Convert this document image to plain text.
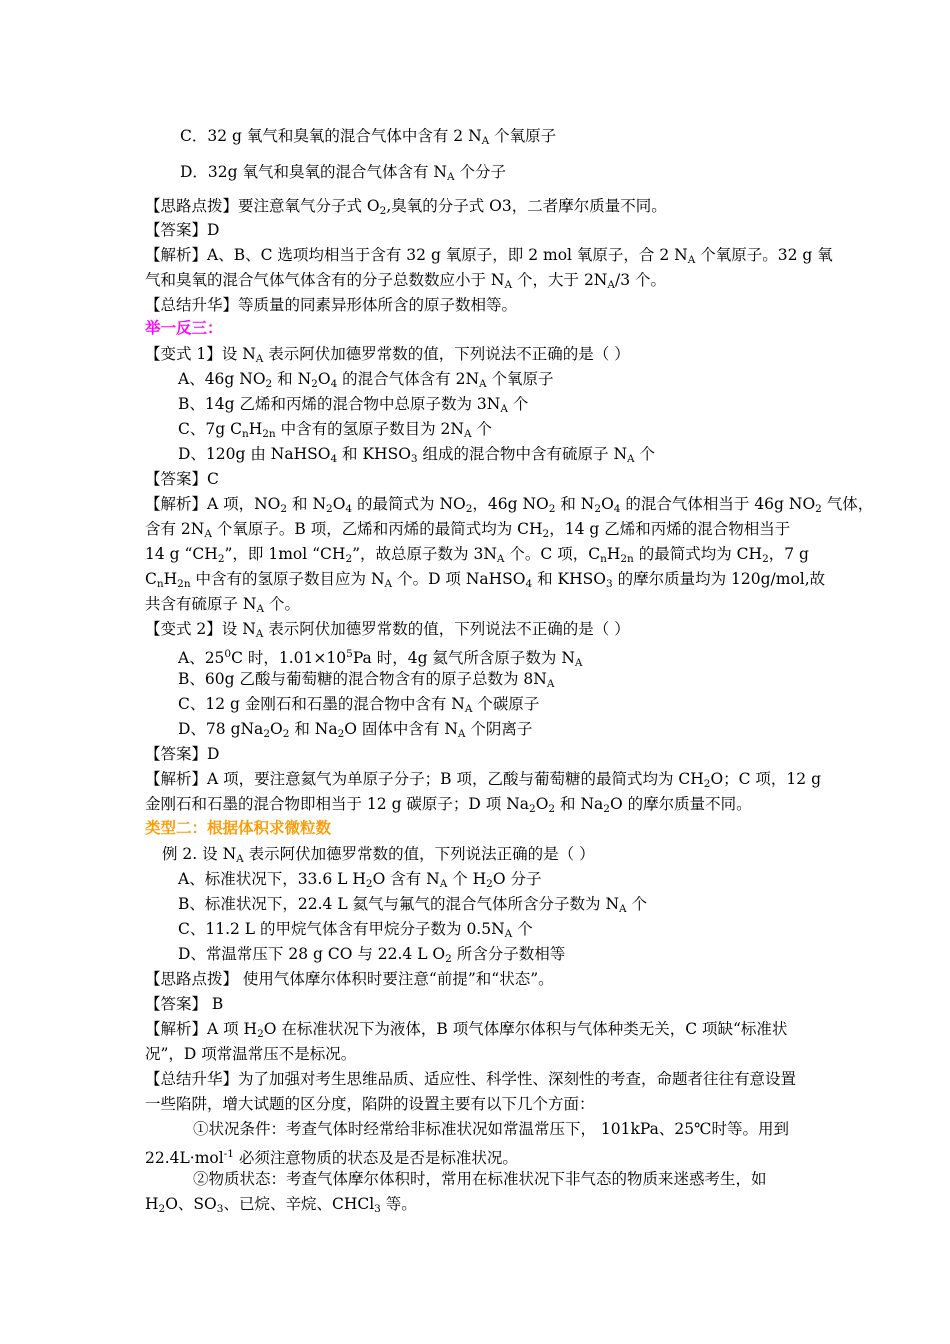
C．32 g 氧气和臭氧的混合气体中含有 2 $N_A$ 个氧原子
D．32g 氧气和臭氧的混合气体含有 $N_A$ 个分子
【思路点拨】要注意氧气分子式 $O_2$,臭氧的分子式 O3，二者摩尔质量不同。
【答案】D
【解析】A、B、C 选项均相当于含有 32 g 氧原子，即 2 mol 氧原子，合 2 $N_A$ 个氧原子。32 g 氧
气和臭氧的混合气体气体含有的分子总数数应小于 $N_A$ 个，大于 $2N_A/3$ 个。
【总结升华】等质量的同素异形体所含的原子数相等。
举一反三：
【变式 1】设 $N_A$ 表示阿伏加德罗常数的值，下列说法不正确的是（ ）
A、46g $NO_2$ 和 $N_2O_4$ 的混合气体含有 $2N_A$ 个氧原子
B、14g 乙烯和丙烯的混合物中总原子数为 $3N_A$ 个
C、7g $C_nH_{2n}$ 中含有的氢原子数目为 $2N_A$ 个
D、120g 由 NaHSO$_4$ 和 $KHSO_3$ 组成的混合物中含有硫原子 $N_A$ 个
【答案】C
【解析】A 项，$NO_2$ 和 $N_2O_4$ 的最简式为 $NO_2$，46g $NO_2$ 和 $N_2O_4$ 的混合气体相当于 46g $NO_2$ 气体，
含有 $2N_A$ 个氧原子。B 项，乙烯和丙烯的最简式均为 $CH_2$，14 g 乙烯和丙烯的混合物相当于
14 g “$CH_2$”，即 1mol “$CH_2$”，故总原子数为 $3N_A$ 个。C 项，$C_nH_{2n}$ 的最简式均为 $CH_2$，7 g
$C_nH_{2n}$ 中含有的氢原子数目应为 $N_A$ 个。D 项 NaHSO$_4$ 和 $KHSO_3$ 的摩尔质量均为 120g/mol,故
共含有硫原子 $N_A$ 个。
【变式 2】设 $N_A$ 表示阿伏加德罗常数的值，下列说法不正确的是（ ）
A、$25^0C$ 时，$1.01\times 10^5Pa$ 时，4g 氦气所含原子数为 $N_A$
B、60g 乙酸与葡萄糖的混合物含有的原子总数为 $8N_A$
C、12 g 金刚石和石墨的混合物中含有 $N_A$ 个碳原子
D、78 $gNa_2O_2$ 和 $Na_2O$ 固体中含有 $N_A$ 个阴离子
【答案】D
【解析】A 项，要注意氦气为单原子分子；B 项，乙酸与葡萄糖的最简式均为 $CH_2O$；C 项，12 g
金刚石和石墨的混合物即相当于 12 g 碳原子；D 项 $Na_2O_2$ 和 $Na_2O$ 的摩尔质量不同。
类型二：根据体积求微粒数
例 2. 设 $N_A$ 表示阿伏加德罗常数的值，下列说法正确的是（ ）
A、标准状况下，33.6 L $H_2O$ 含有 $N_A$ 个 $H_2O$ 分子
B、标准状况下，22.4 L 氦气与氟气的混合气体所含分子数为 $N_A$ 个
C、11.2 L 的甲烷气体含有甲烷分子数为 $0.5N_A$ 个
D、常温常压下 28 g CO 与 22.4 L $O_2$ 所含分子数相等
【思路点拨】 使用气体摩尔体积时要注意“前提”和“状态”。
【答案】 B
【解析】A 项 $H_2O$ 在标准状况下为液体，B 项气体摩尔体积与气体种类无关，C 项缺“标准状
况”，D 项常温常压不是标况。
【总结升华】为了加强对考生思维品质、适应性、科学性、深刻性的考查，命题者往往有意设置
一些陷阱，增大试题的区分度，陷阱的设置主要有以下几个方面：
①状况条件：考查气体时经常给非标准状况如常温常压下， 101kPa、25℃时等。用到
22.4L·mol$^{-1}$ 必须注意物质的状态及是否是标准状况。
②物质状态：考查气体摩尔体积时，常用在标准状况下非气态的物质来迷惑考生，如
$H_2O$、$SO_3$、已烷、辛烷、CHCl$_3$ 等。
